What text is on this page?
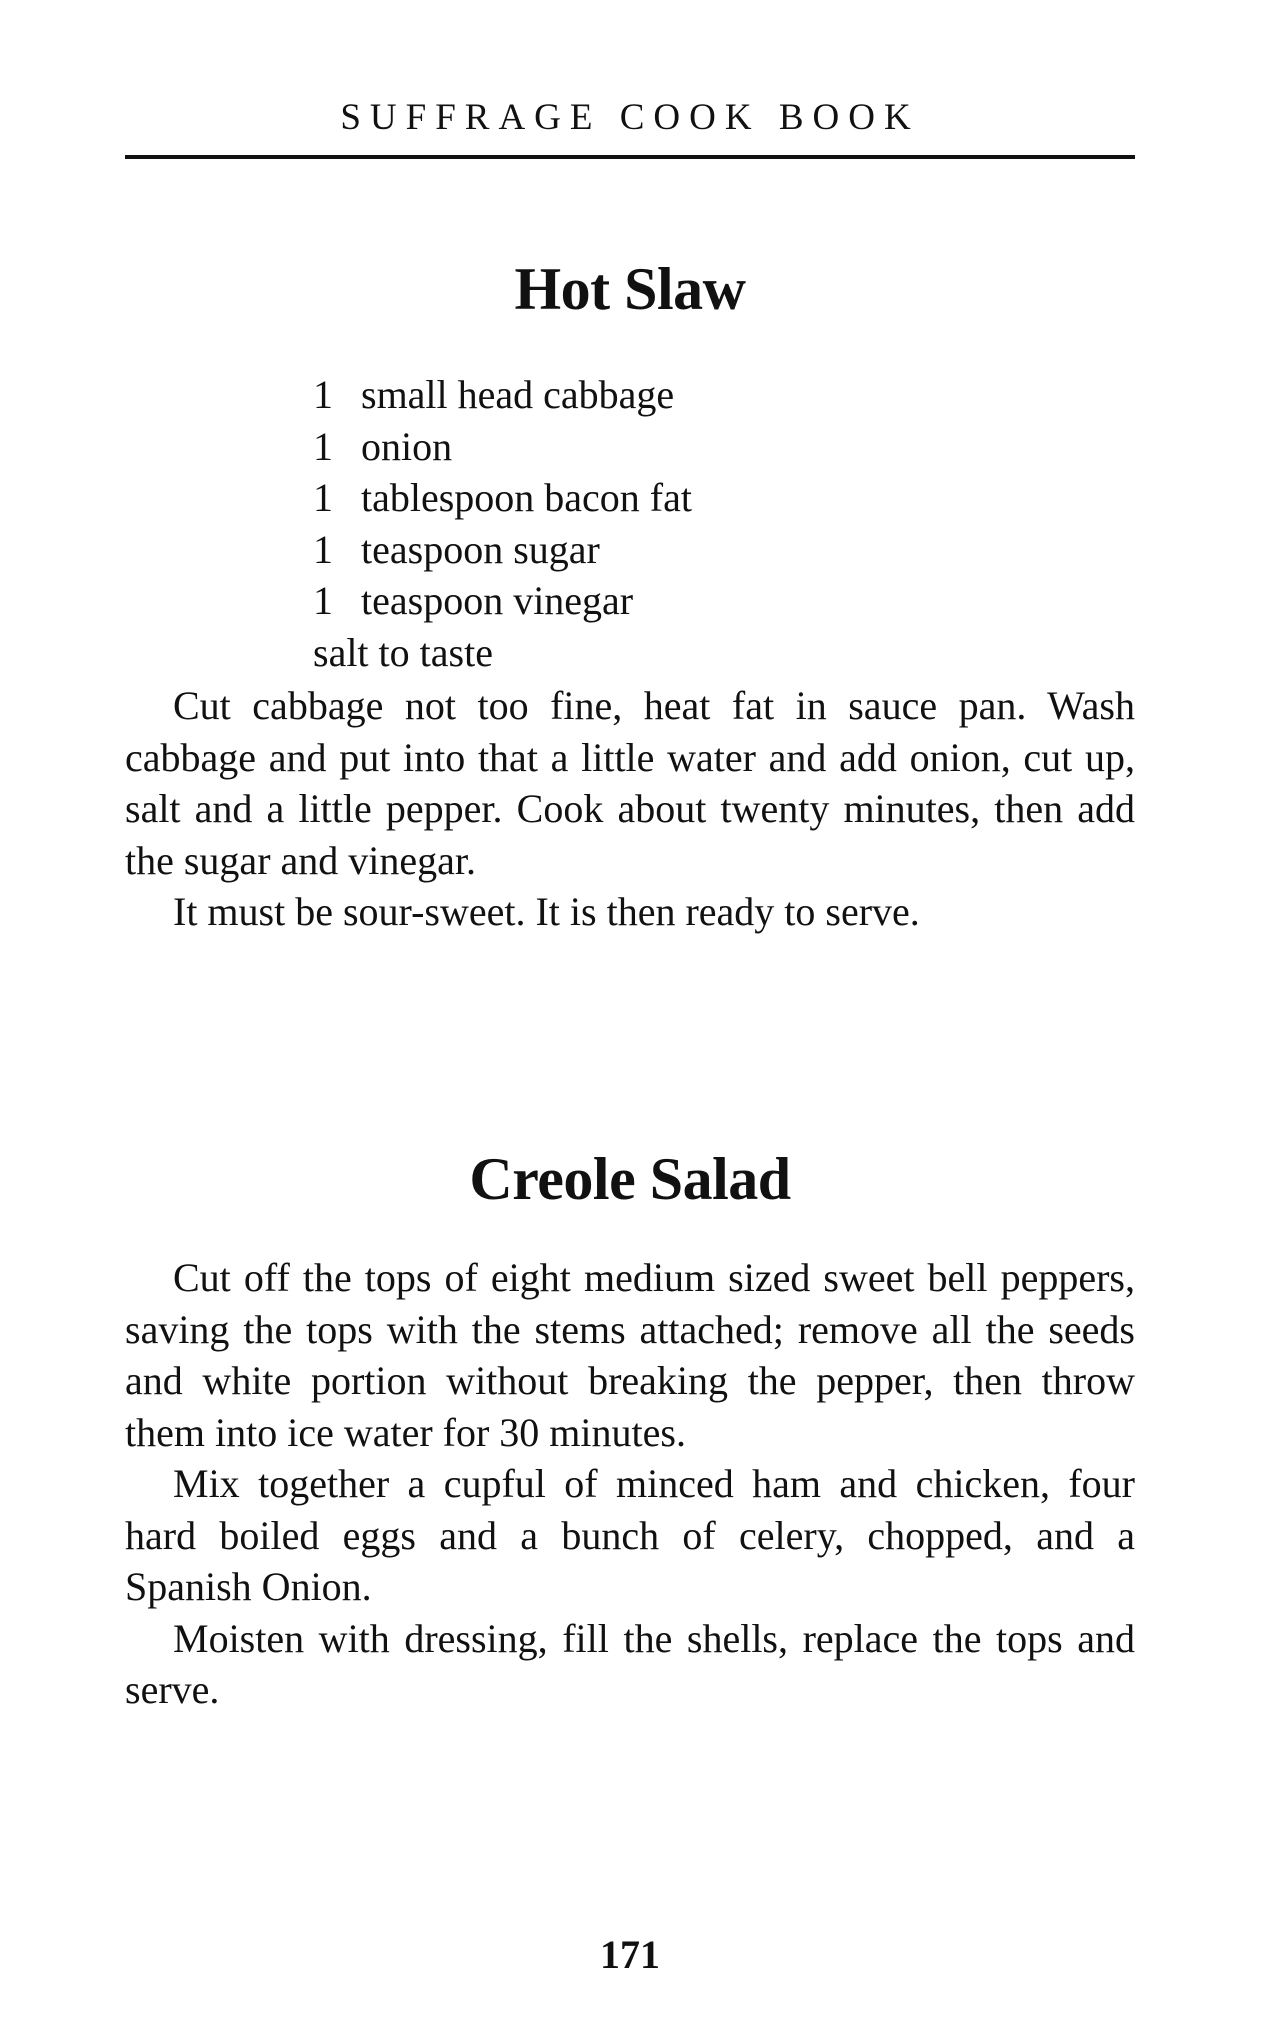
SUFFRAGE COOK BOOK
Hot Slaw
1 small head cabbage
1 onion
1 tablespoon bacon fat
1 teaspoon sugar
1 teaspoon vinegar
salt to taste

Cut cabbage not too fine, heat fat in sauce pan. Wash cabbage and put into that a little water and add onion, cut up, salt and a little pepper. Cook about twenty minutes, then add the sugar and vinegar.

It must be sour-sweet. It is then ready to serve.

Creole Salad

Cut off the tops of eight medium sized sweet bell peppers, saving the tops with the stems attached; remove all the seeds and white portion without breaking the pepper, then throw them into ice water for 30 minutes.

Mix together a cupful of minced ham and chicken, four hard boiled eggs and a bunch of celery, chopped, and a Spanish Onion.

Moisten with dressing, fill the shells, replace the tops and serve.

171
